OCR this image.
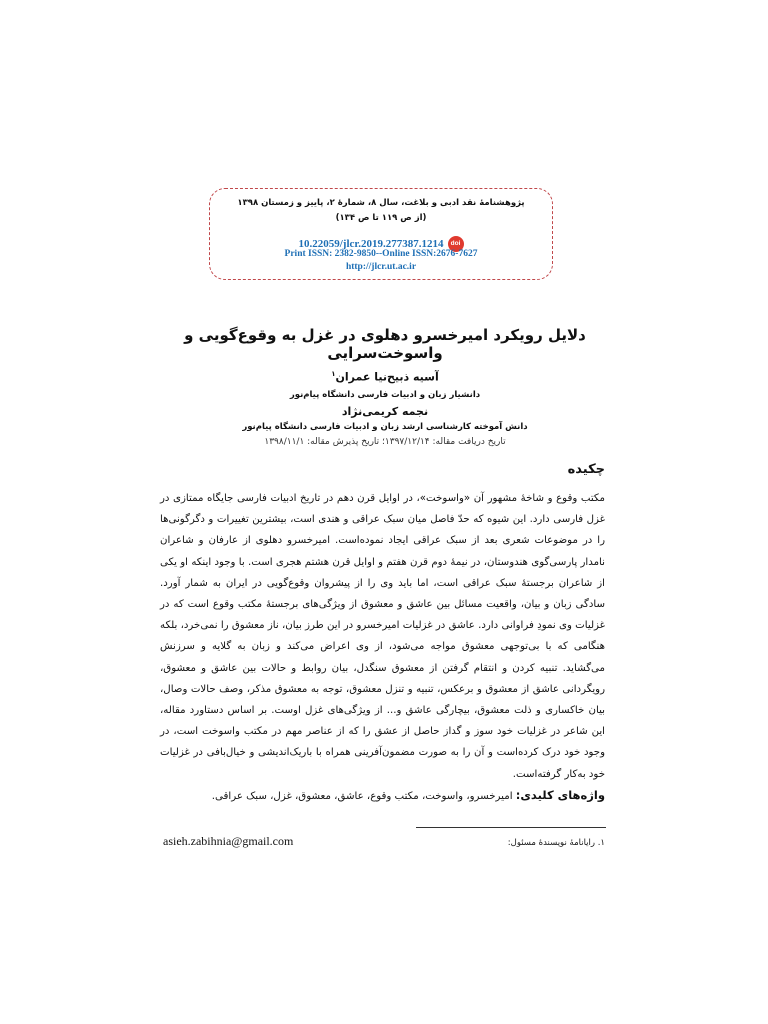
پژوهشنامهٔ نقد ادبی و بلاغت، سال ۸، شمارهٔ ۲، پاییز و زمستان ۱۳۹۸
(از ص ۱۱۹ تا ص ۱۳۴)
10.22059/jlcr.2019.277387.1214	doi
Print ISSN: 2382-9850--Online ISSN:2676-7627
http://jlcr.ut.ac.ir
دلایل رویکرد امیرخسرو دهلوی در غزل به وقوع‌گویی و واسوخت‌سرایی
آسیه ذبیح‌نیا عمران$^۱$
دانشیار زبان و ادبیات فارسی دانشگاه پیام‌نور
نجمه کریمی‌نژاد
دانش آموخته کارشناسی ارشد زبان و ادبیات فارسی دانشگاه پیام‌نور
تاریخ دریافت مقاله: ۱۳۹۷/۱۲/۱۴؛ تاریخ پذیرش مقاله: ۱۳۹۸/۱۱/۱
چکیده
مکتب وقوع و شاخهٔ مشهور آن «واسوخت»، در اوایل قرن دهم در تاریخ ادبیات فارسی جایگاه ممتازی در غزل فارسی دارد. این شیوه که حدّ فاصل میان سبک عراقی و هندی است، بیشترین تغییرات و دگرگونی‌ها را در موضوعات شعری بعد از سبک عراقی ایجاد نموده‌است. امیرخسرو دهلوی از عارفان و شاعران نامدار پارسی‌گوی هندوستان، در نیمهٔ دوم قرن هفتم و اوایل قرن هشتم هجری است. با وجود اینکه او یکی از شاعران برجستهٔ سبک عراقی است، اما باید وی را از پیشروان وقوع‌گویی در ایران به شمار آورد. سادگی زبان و بیان، واقعیت مسائل بین عاشق و معشوق از ویژگی‌های برجستهٔ مکتب وقوع است که در غزلیات وی نمودِ فراوانی دارد. عاشق در غزلیات امیرخسرو در این طرز بیان، ناز معشوق را نمی‌خرد، بلکه هنگامی که با بی‌توجهی معشوق مواجه می‌شود، از وی اعراض می‌کند و زبان به گلایه و سرزنش می‌گشاید. تنبیه کردن و انتقام گرفتن از معشوق سنگدل، بیان روابط و حالات بین عاشق و معشوق، رویگردانی عاشق از معشوق و برعکس، تنبیه و تنزل معشوق، توجه به معشوق مذکر، وصف حالات وصال، بیان خاکساری و ذلت معشوق، بیچارگی عاشق و... از ویژگی‌های غزل اوست. بر اساس دستاورد مقاله، این شاعر در غزلیات خود سوز و گداز حاصل از عشق را که از عناصر مهم در مکتب واسوخت است، در وجود خود درک کرده‌است و آن را به صورت مضمون‌آفرینی همراه با باریک‌اندیشی و خیال‌بافی در غزلیات خود به‌کار گرفته‌است.
واژه‌های کلیدی: امیرخسرو، واسوخت، مکتب وقوع، عاشق، معشوق، غزل، سبک عراقی.
۱. رایانامهٔ نویسندهٔ مسئول:
asieh.zabihnia@gmail.com
